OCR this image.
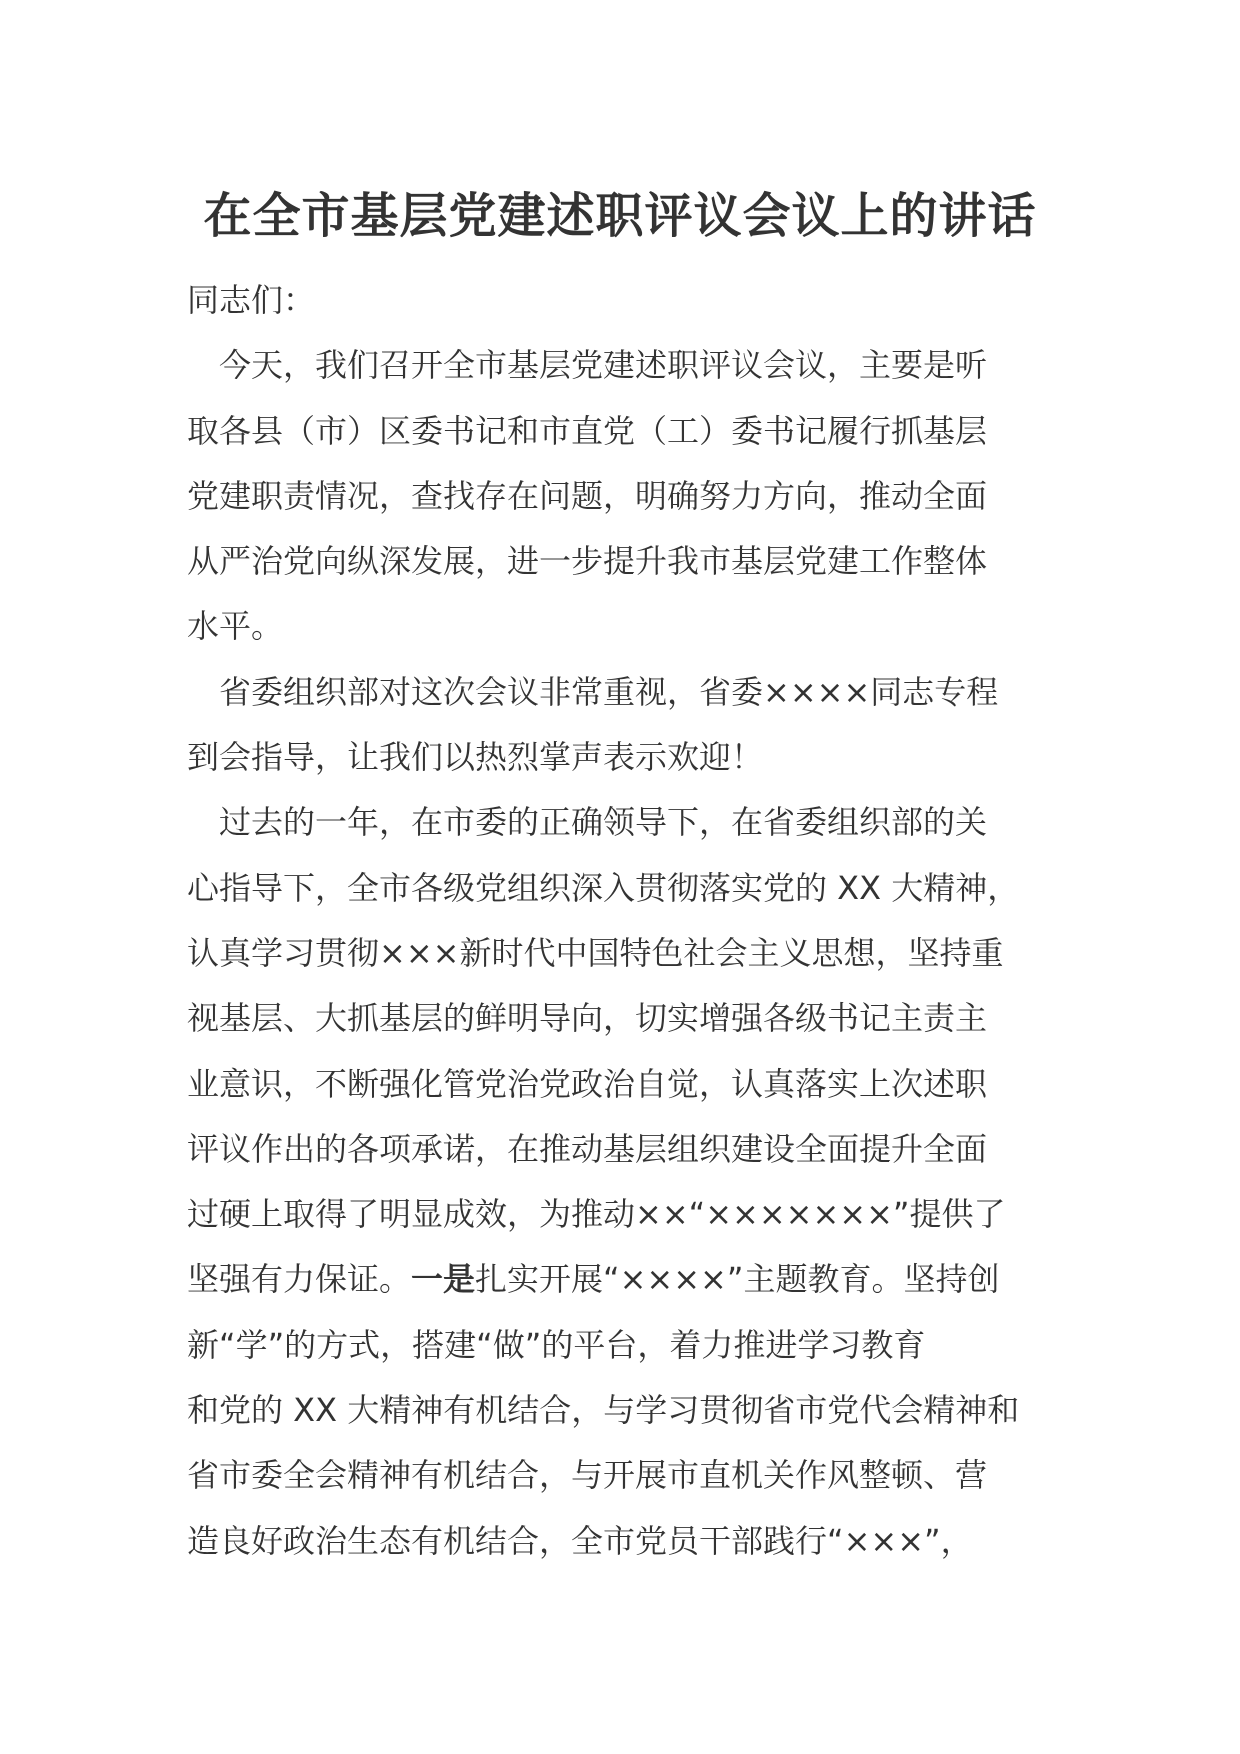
在全市基层党建述职评议会议上的讲话
同志们：
今天，我们召开全市基层党建述职评议会议，主要是听
取各县（市）区委书记和市直党（工）委书记履行抓基层
党建职责情况，查找存在问题，明确努力方向，推动全面
从严治党向纵深发展，进一步提升我市基层党建工作整体
水平。
省委组织部对这次会议非常重视，省委××××同志专程
到会指导，让我们以热烈掌声表示欢迎！
过去的一年，在市委的正确领导下，在省委组织部的关
心指导下，全市各级党组织深入贯彻落实党的 XX 大精神，
认真学习贯彻×××新时代中国特色社会主义思想，坚持重
视基层、大抓基层的鲜明导向，切实增强各级书记主责主
业意识，不断强化管党治党政治自觉，认真落实上次述职
评议作出的各项承诺，在推动基层组织建设全面提升全面
过硬上取得了明显成效，为推动××“×××××××”提供了
坚强有力保证。一是扎实开展“××××”主题教育。坚持创
新“学”的方式，搭建“做”的平台，着力推进学习教育
和党的 XX 大精神有机结合，与学习贯彻省市党代会精神和
省市委全会精神有机结合，与开展市直机关作风整顿、营
造良好政治生态有机结合，全市党员干部践行“×××”，
